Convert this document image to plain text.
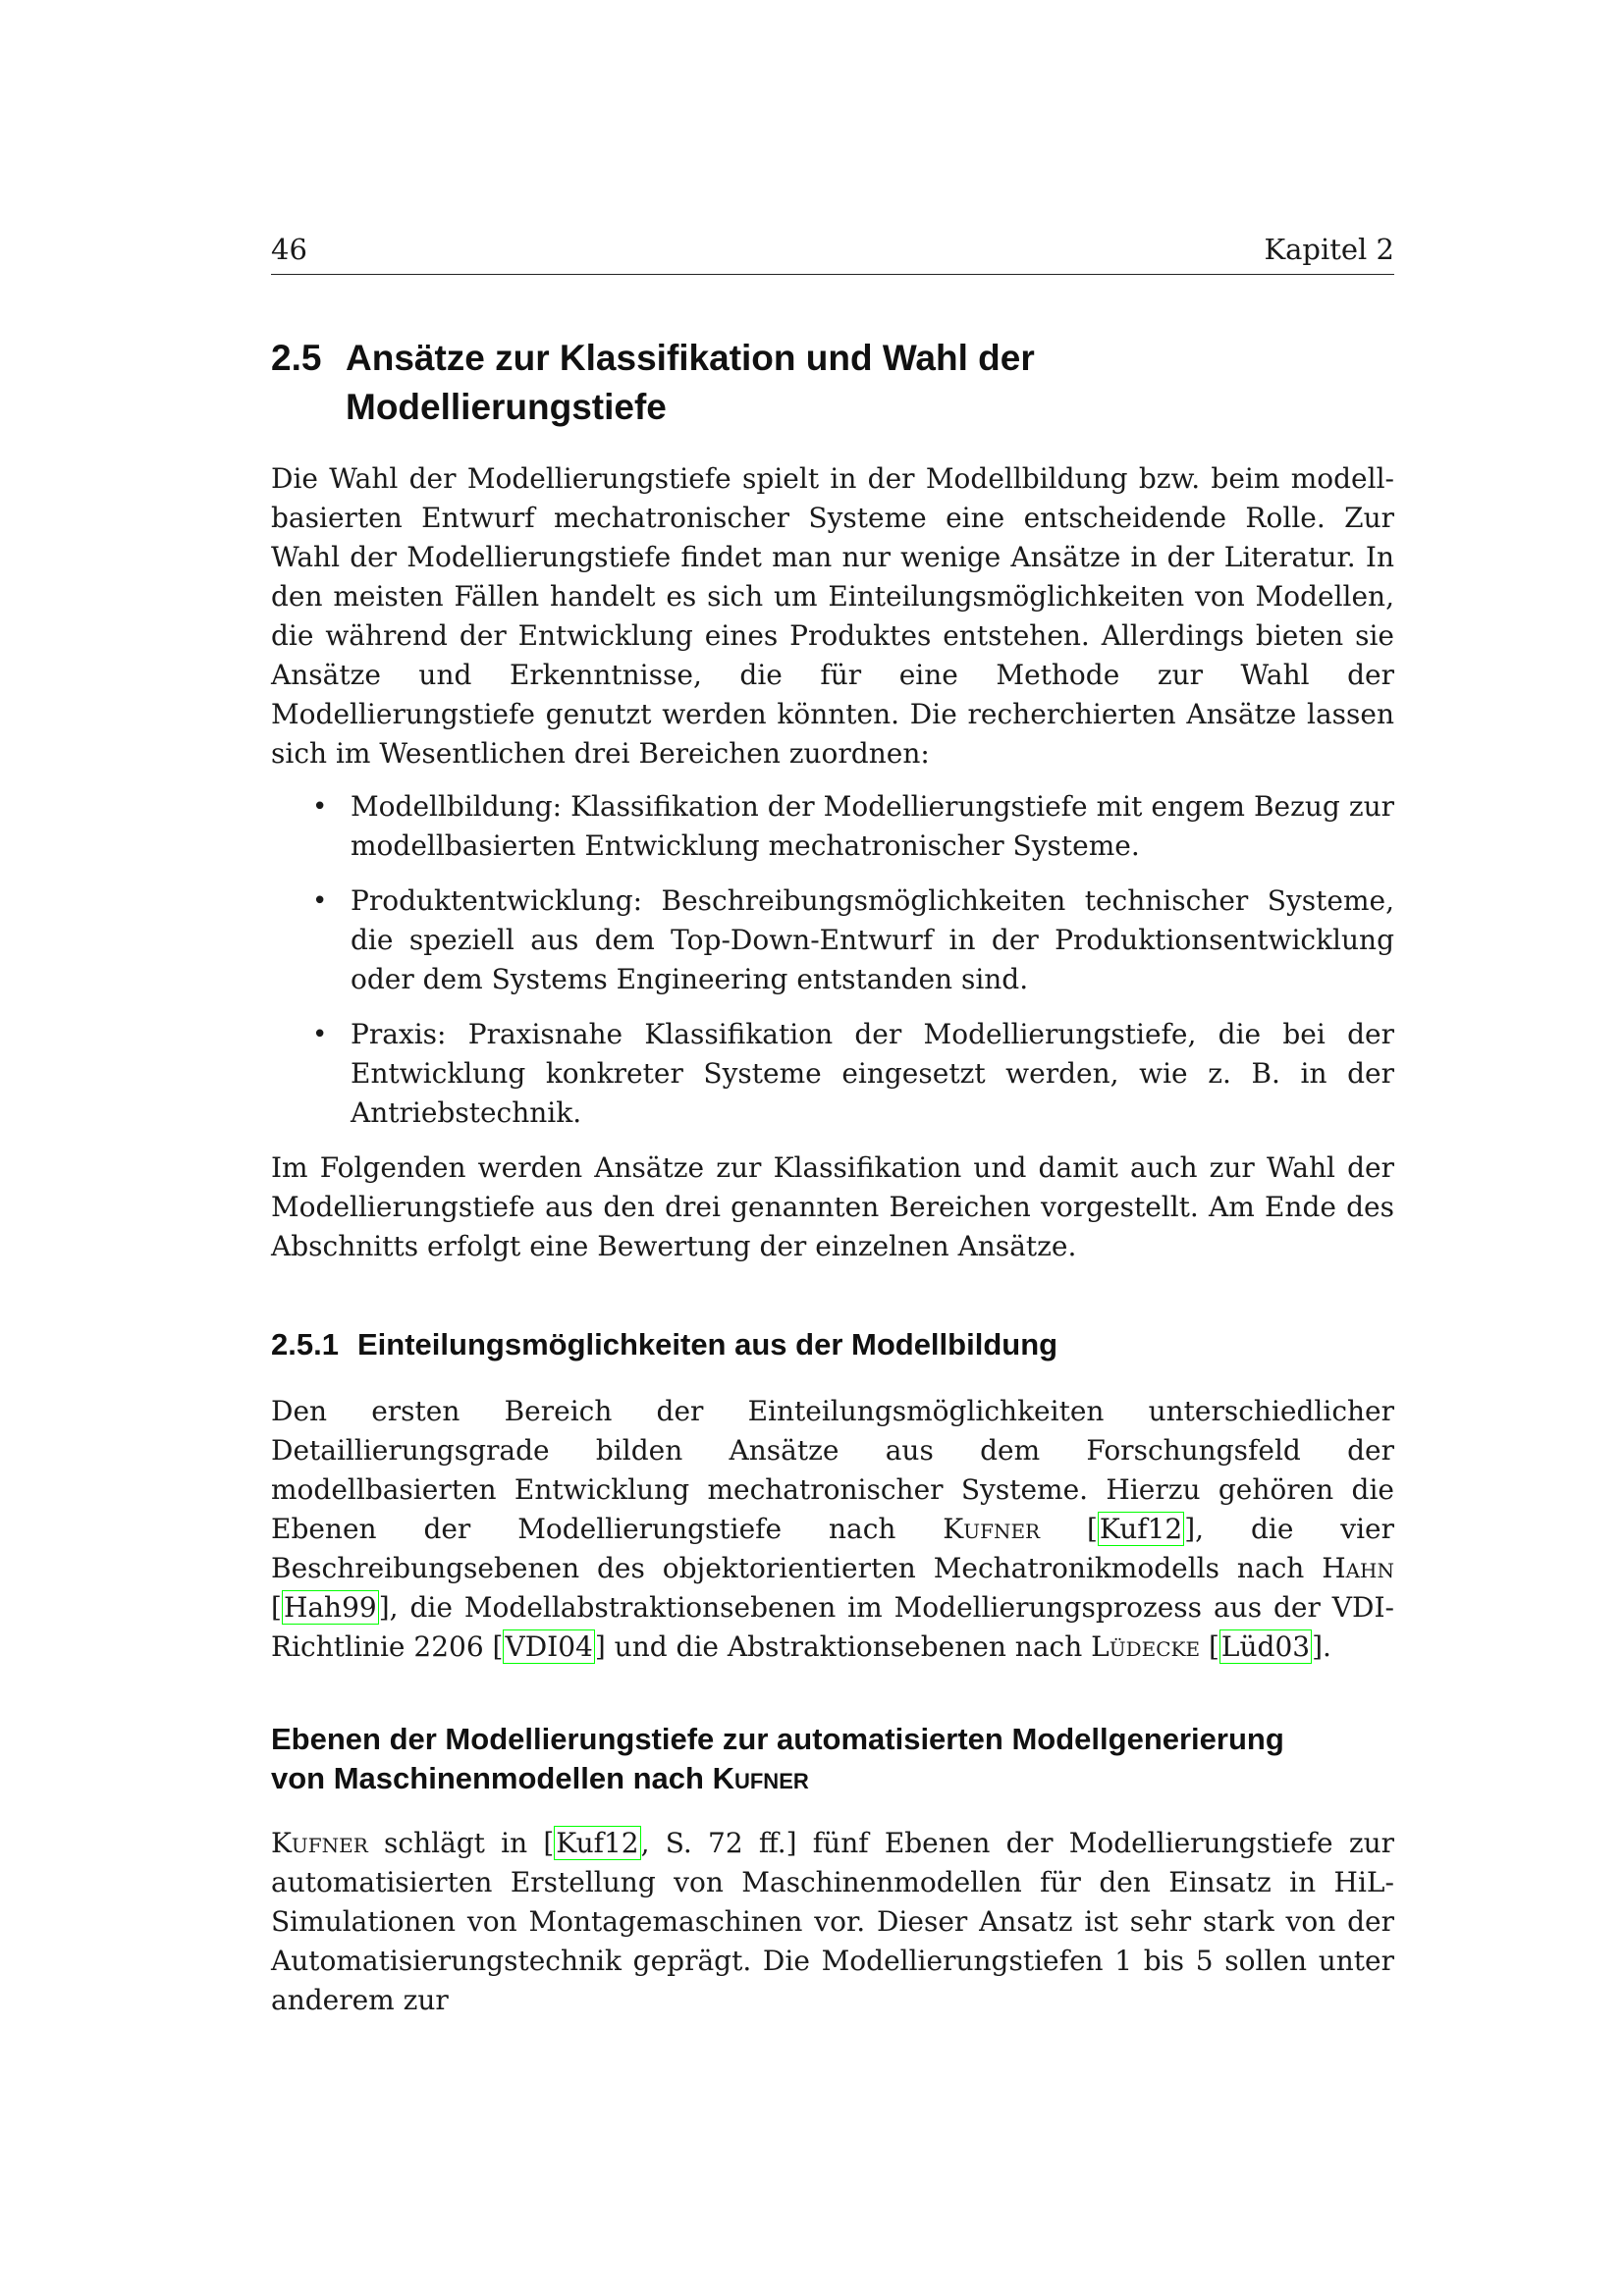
46	Kapitel 2
2.5 Ansätze zur Klassifikation und Wahl der
Modellierungstiefe

Die Wahl der Modellierungstiefe spielt in der Modellbildung bzw. beim modell-basierten Entwurf mechatronischer Systeme eine entscheidende Rolle. Zur Wahl der Modellierungstiefe findet man nur wenige Ansätze in der Literatur. In den meisten Fällen handelt es sich um Einteilungsmöglichkeiten von Modellen, die während der Entwicklung eines Produktes entstehen. Allerdings bieten sie Ansätze und Erkenntnisse, die für eine Methode zur Wahl der Modellierungstiefe genutzt werden könnten. Die recherchierten Ansätze lassen sich im Wesentlichen drei Bereichen zuordnen:

• Modellbildung: Klassifikation der Modellierungstiefe mit engem Bezug zur modellbasierten Entwicklung mechatronischer Systeme.
• Produktentwicklung: Beschreibungsmöglichkeiten technischer Systeme, die speziell aus dem Top-Down-Entwurf in der Produktionsentwicklung oder dem Systems Engineering entstanden sind.
• Praxis: Praxisnahe Klassifikation der Modellierungstiefe, die bei der Entwicklung konkreter Systeme eingesetzt werden, wie z. B. in der Antriebstechnik.

Im Folgenden werden Ansätze zur Klassifikation und damit auch zur Wahl der Modellierungstiefe aus den drei genannten Bereichen vorgestellt. Am Ende des Abschnitts erfolgt eine Bewertung der einzelnen Ansätze.

2.5.1 Einteilungsmöglichkeiten aus der Modellbildung

Den ersten Bereich der Einteilungsmöglichkeiten unterschiedlicher Detaillierungsgrade bilden Ansätze aus dem Forschungsfeld der modellbasierten Entwicklung mechatronischer Systeme. Hierzu gehören die Ebenen der Modellierungstiefe nach Kufner [Kuf12], die vier Beschreibungsebenen des objektorientierten Mechatronikmodells nach Hahn [Hah99], die Modellabstraktionsebenen im Modellierungsprozess aus der VDI-Richtlinie 2206 [VDI04] und die Abstraktionsebenen nach Lüdecke [Lüd03].

Ebenen der Modellierungstiefe zur automatisierten Modellgenerierung
von Maschinenmodellen nach Kufner

Kufner schlägt in [Kuf12, S. 72 ff.] fünf Ebenen der Modellierungstiefe zur automatisierten Erstellung von Maschinenmodellen für den Einsatz in HiL-Simulationen von Montagemaschinen vor. Dieser Ansatz ist sehr stark von der Automatisierungstechnik geprägt. Die Modellierungstiefen 1 bis 5 sollen unter anderem zur
